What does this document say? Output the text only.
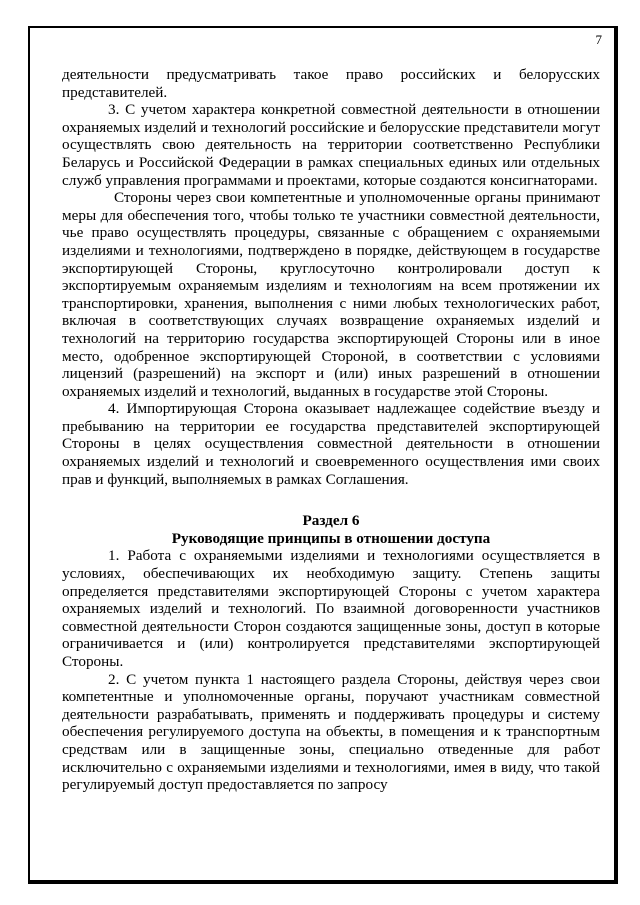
7

деятельности предусматривать такое право российских и белорусских представителей.

3. С учетом характера конкретной совместной деятельности в отношении охраняемых изделий и технологий российские и белорусские представители могут осуществлять свою деятельность на территории соответственно Республики Беларусь и Российской Федерации в рамках специальных единых или отдельных служб управления программами и проектами, которые создаются консигнаторами.

Стороны через свои компетентные и уполномоченные органы принимают меры для обеспечения того, чтобы только те участники совместной деятельности, чье право осуществлять процедуры, связанные с обращением с охраняемыми изделиями и технологиями, подтверждено в порядке, действующем в государстве экспортирующей Стороны, круглосуточно контролировали доступ к экспортируемым охраняемым изделиям и технологиям на всем протяжении их транспортировки, хранения, выполнения с ними любых технологических работ, включая в соответствующих случаях возвращение охраняемых изделий и технологий на территорию государства экспортирующей Стороны или в иное место, одобренное экспортирующей Стороной, в соответствии с условиями лицензий (разрешений) на экспорт и (или) иных разрешений в отношении охраняемых изделий и технологий, выданных в государстве этой Стороны.

4. Импортирующая Сторона оказывает надлежащее содействие въезду и пребыванию на территории ее государства представителей экспортирующей Стороны в целях осуществления совместной деятельности в отношении охраняемых изделий и технологий и своевременного осуществления ими своих прав и функций, выполняемых в рамках Соглашения.

Раздел 6

Руководящие принципы в отношении доступа

1. Работа с охраняемыми изделиями и технологиями осуществляется в условиях, обеспечивающих их необходимую защиту. Степень защиты определяется представителями экспортирующей Стороны с учетом характера охраняемых изделий и технологий. По взаимной договоренности участников совместной деятельности Сторон создаются защищенные зоны, доступ в которые ограничивается и (или) контролируется представителями экспортирующей Стороны.

2. С учетом пункта 1 настоящего раздела Стороны, действуя через свои компетентные и уполномоченные органы, поручают участникам совместной деятельности разрабатывать, применять и поддерживать процедуры и систему обеспечения регулируемого доступа на объекты, в помещения и к транспортным средствам или в защищенные зоны, специально отведенные для работ исключительно с охраняемыми изделиями и технологиями, имея в виду, что такой регулируемый доступ предоставляется по запросу
